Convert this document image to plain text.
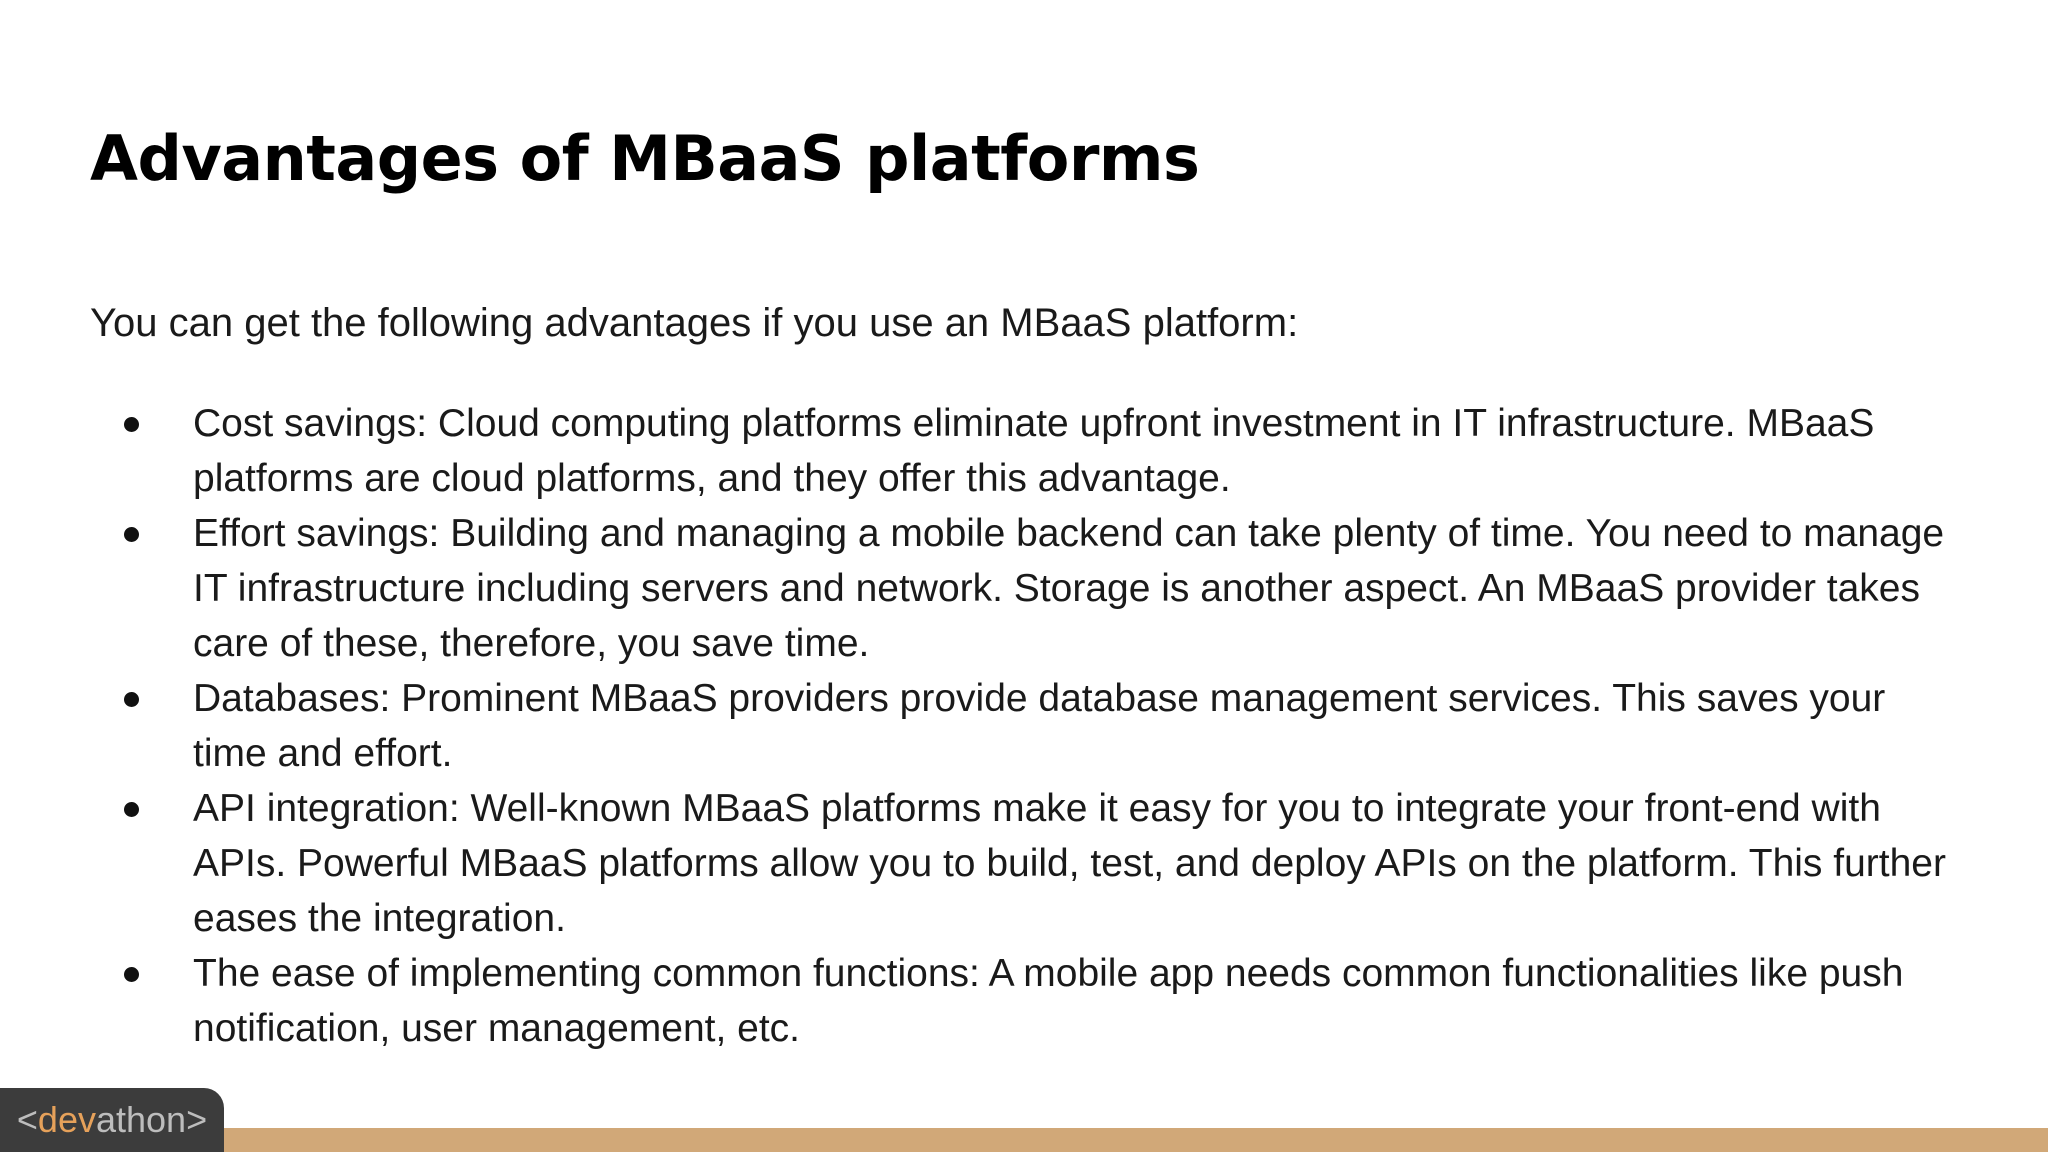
Advantages of MBaaS platforms

You can get the following advantages if you use an MBaaS platform:

Cost savings: Cloud computing platforms eliminate upfront investment in IT infrastructure. MBaaS platforms are cloud platforms, and they offer this advantage.
Effort savings: Building and managing a mobile backend can take plenty of time. You need to manage IT infrastructure including servers and network. Storage is another aspect. An MBaaS provider takes care of these, therefore, you save time.
Databases: Prominent MBaaS providers provide database management services. This saves your time and effort.
API integration: Well-known MBaaS platforms make it easy for you to integrate your front-end with APIs. Powerful MBaaS platforms allow you to build, test, and deploy APIs on the platform. This further eases the integration.
The ease of implementing common functions: A mobile app needs common functionalities like push notification, user management, etc.
< dev athon >
